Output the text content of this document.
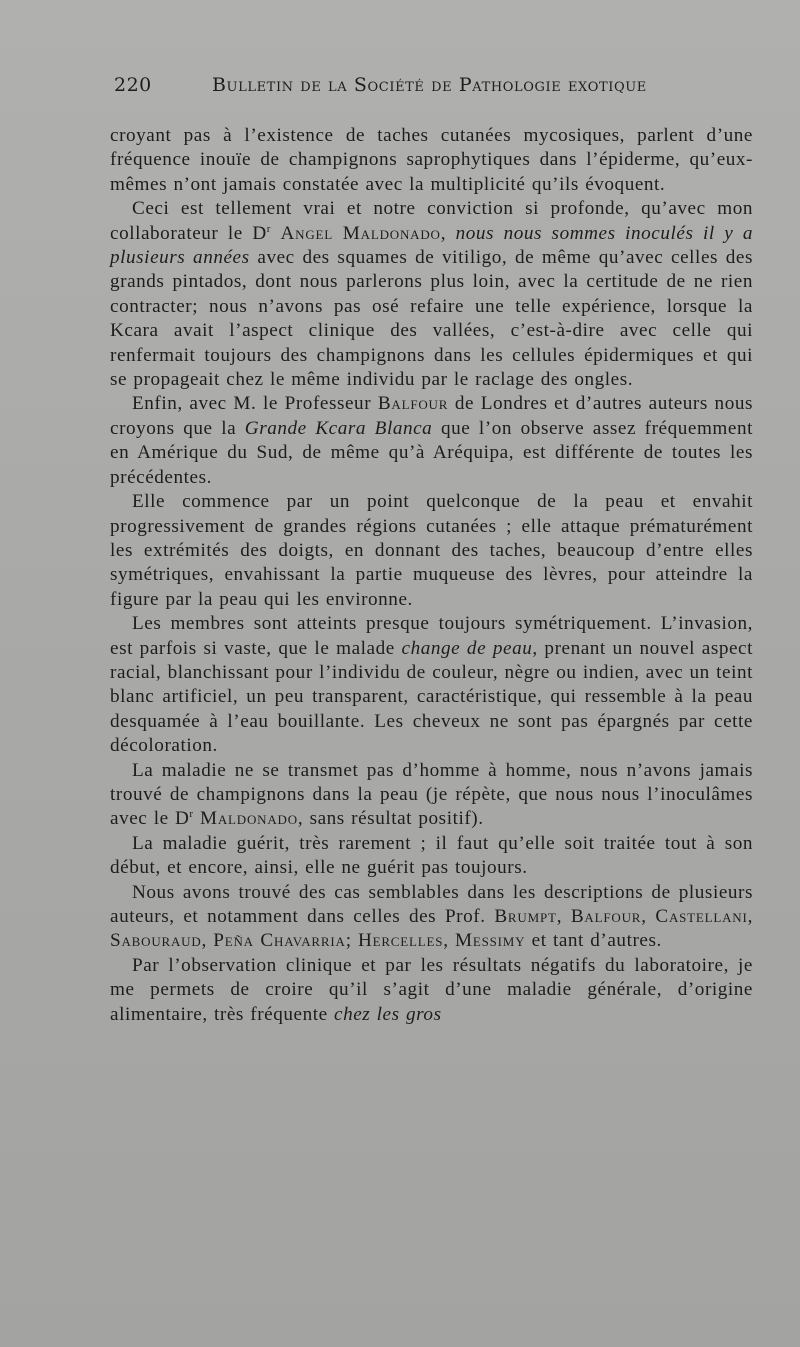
220	Bulletin de la Société de Pathologie exotique

croyant pas à l’existence de taches cutanées mycosiques, parlent d’une fréquence inouïe de champignons saprophytiques dans l’épiderme, qu’eux-mêmes n’ont jamais constatée avec la multiplicité qu’ils évoquent.

Ceci est tellement vrai et notre conviction si profonde, qu’avec mon collaborateur le $D^r$ Angel Maldonado, nous nous sommes inoculés il y a plusieurs années avec des squames de vitiligo, de même qu’avec celles des grands pintados, dont nous parlerons plus loin, avec la certitude de ne rien contracter; nous n’avons pas osé refaire une telle expérience, lorsque la Kcara avait l’aspect clinique des vallées, c’est-à-dire avec celle qui renfermait toujours des champignons dans les cellules épidermiques et qui se propageait chez le même individu par le raclage des ongles.

Enfin, avec M. le Professeur Balfour de Londres et d’autres auteurs nous croyons que la Grande Kcara Blanca que l’on observe assez fréquemment en Amérique du Sud, de même qu’à Aréquipa, est différente de toutes les précédentes.

Elle commence par un point quelconque de la peau et envahit progressivement de grandes régions cutanées ; elle attaque prématurément les extrémités des doigts, en donnant des taches, beaucoup d’entre elles symétriques, envahissant la partie muqueuse des lèvres, pour atteindre la figure par la peau qui les environne.

Les membres sont atteints presque toujours symétriquement. L’invasion, est parfois si vaste, que le malade change de peau, prenant un nouvel aspect racial, blanchissant pour l’individu de couleur, nègre ou indien, avec un teint blanc artificiel, un peu transparent, caractéristique, qui ressemble à la peau desquamée à l’eau bouillante. Les cheveux ne sont pas épargnés par cette décoloration.

La maladie ne se transmet pas d’homme à homme, nous n’avons jamais trouvé de champignons dans la peau (je répète, que nous nous l’inoculâmes avec le $D^r$ Maldonado, sans résultat positif).

La maladie guérit, très rarement ; il faut qu’elle soit traitée tout à son début, et encore, ainsi, elle ne guérit pas toujours.

Nous avons trouvé des cas semblables dans les descriptions de plusieurs auteurs, et notamment dans celles des Prof. Brumpt, Balfour, Castellani, Sabouraud, Peña Chavarria; Hercelles, Messimy et tant d’autres.

Par l’observation clinique et par les résultats négatifs du laboratoire, je me permets de croire qu’il s’agit d’une maladie générale, d’origine alimentaire, très fréquente chez les gros
